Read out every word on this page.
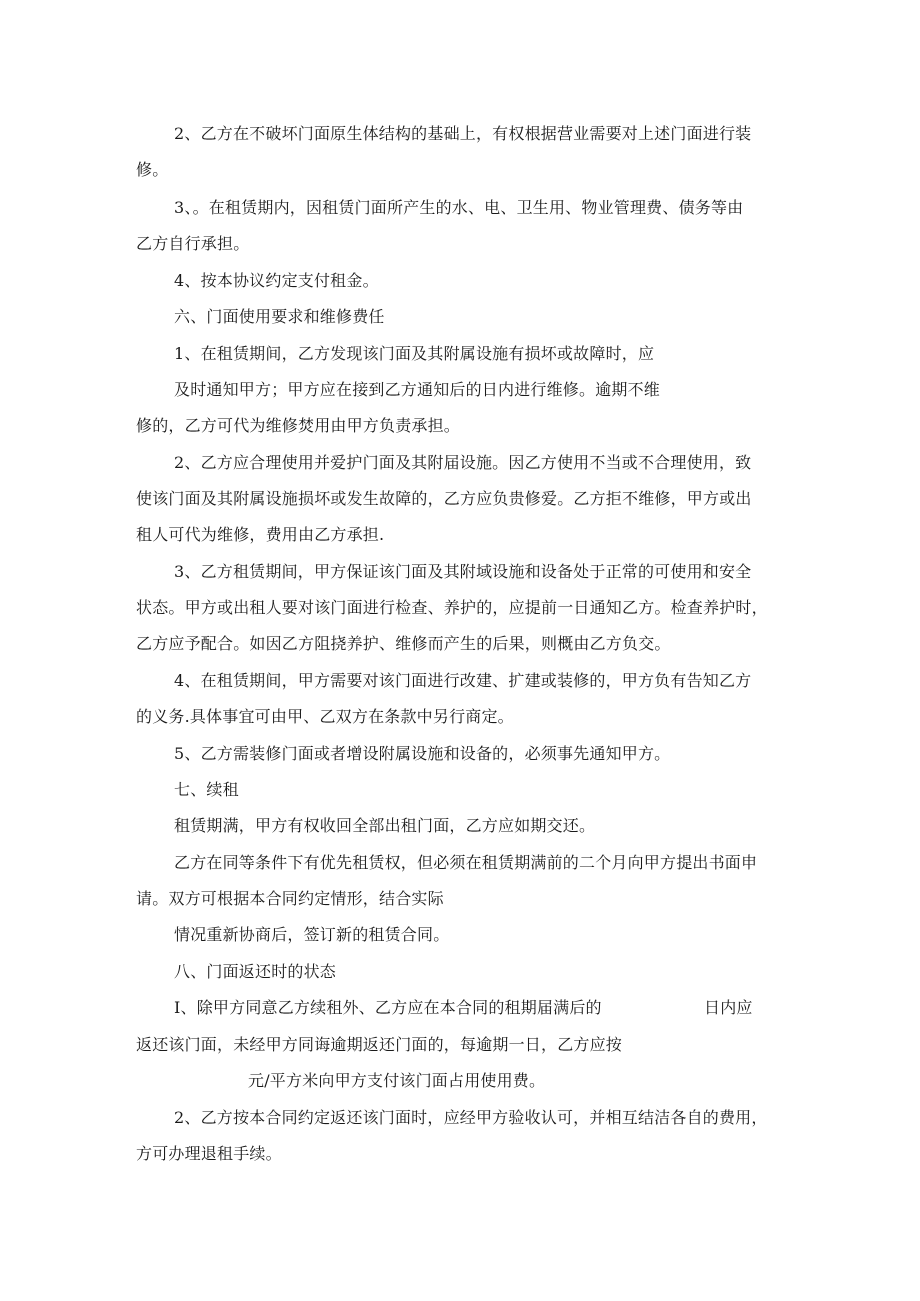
2、乙方在不破坏门面原生体结构的基础上，有权根据营业需要对上述门面进行装
修。
3、。在租赁期内，因租赁门面所产生的水、电、卫生用、物业管理费、债务等由
乙方自行承担。
4、按本协议约定支付租金。
六、门面使用要求和维修费任
1、在租赁期间，乙方发现该门面及其附属设施有损坏或故障时，应
及时通知甲方；甲方应在接到乙方通知后的日内进行维修。逾期不维
修的，乙方可代为维修焚用由甲方负责承担。
2、乙方应合理使用并爱护门面及其附届设施。因乙方使用不当或不合理使用，致
使该门面及其附属设施损坏或发生故障的，乙方应负贵修爱。乙方拒不维修，甲方或出
租人可代为维修，费用由乙方承担.
3、乙方租赁期间，甲方保证该门面及其附域设施和设备处于正常的可使用和安全
状态。甲方或出租人要对该门面进行检查、养护的，应提前一日通知乙方。检查养护时，
乙方应予配合。如因乙方阻挠养护、维修而产生的后果，则概由乙方负交。
4、在租赁期间，甲方需要对该门面进行改建、扩建或装修的，甲方负有告知乙方
的义务.具体事宜可由甲、乙双方在条款中另行商定。
5、乙方需装修门面或者增设附属设施和设备的，必须事先通知甲方。
七、续租
租赁期满，甲方有权收回全部出租门面，乙方应如期交还。
乙方在同等条件下有优先租赁权，但必须在租赁期满前的二个月向甲方提出书面申
请。双方可根据本合同约定情形，结合实际
情况重新协商后，签订新的租赁合同。
八、门面返还时的状态
I、除甲方同意乙方续租外、乙方应在本合同的租期届满后的	日内应
返还该门面，未经甲方同诲逾期返还门面的，每逾期一日，乙方应按
元/平方米向甲方支付该门面占用使用费。
2、乙方按本合同约定返还该门面时，应经甲方验收认可，并相互结洁各自的费用，
方可办理退租手续。
